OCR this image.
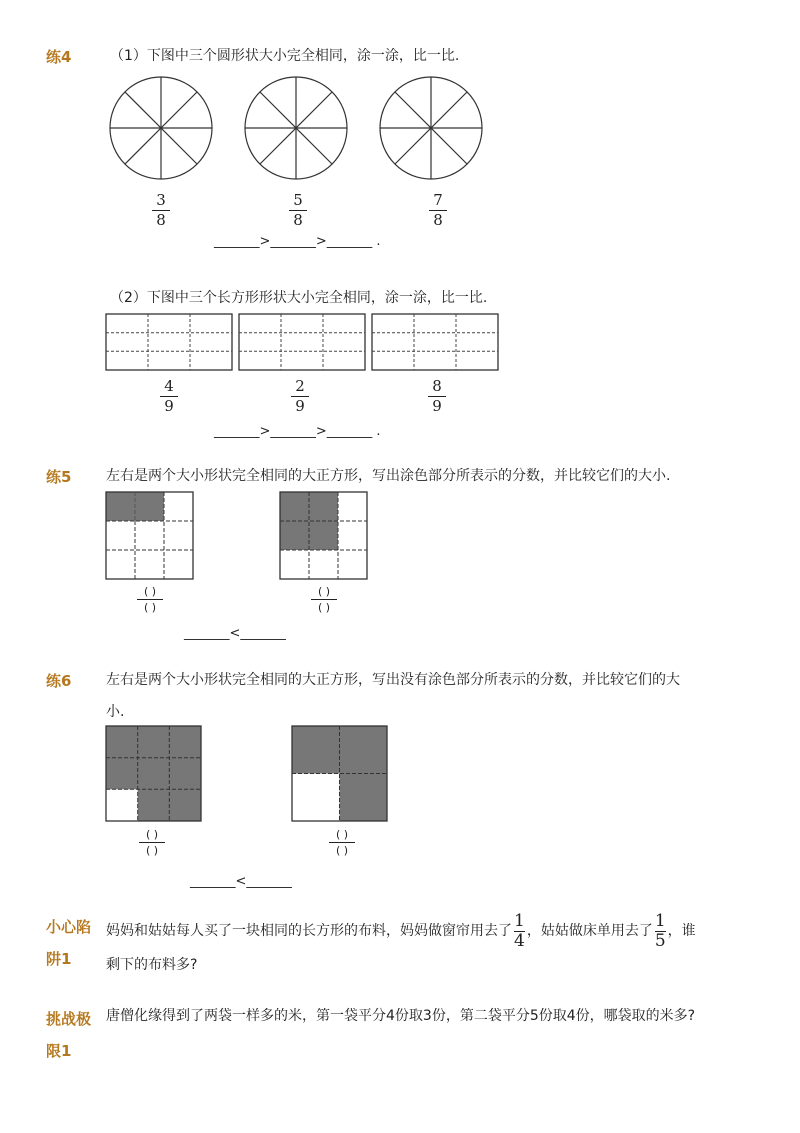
练4	（1）下图中三个圆形状大小完全相同，涂一涂，比一比.
3
8
5
8
7
8
_______>_______>_______ .
（2）下图中三个长方形形状大小完全相同，涂一涂，比一比.
4
9
2
9
8
9
_______>_______>_______ .
练5 左右是两个大小形状完全相同的大正方形，写出涂色部分所表示的分数，并比较它们的大小.
( )
( )
( )
( )
_______<_______
练6 左右是两个大小形状完全相同的大正方形，写出没有涂色部分所表示的分数，并比较它们的大
小.
( )
( )
( )
( )
_______<_______
小心陷
阱1
妈妈和姑姑每人买了一块相同的长方形的布料，妈妈做窗帘用去了 $\frac{1}{4}$ ，姑姑做床单用去了 $\frac{1}{5}$ ，谁
剩下的布料多?
挑战极
限1
唐僧化缘得到了两袋一样多的米，第一袋平分4份取3份，第二袋平分5份取4份，哪袋取的米多?
